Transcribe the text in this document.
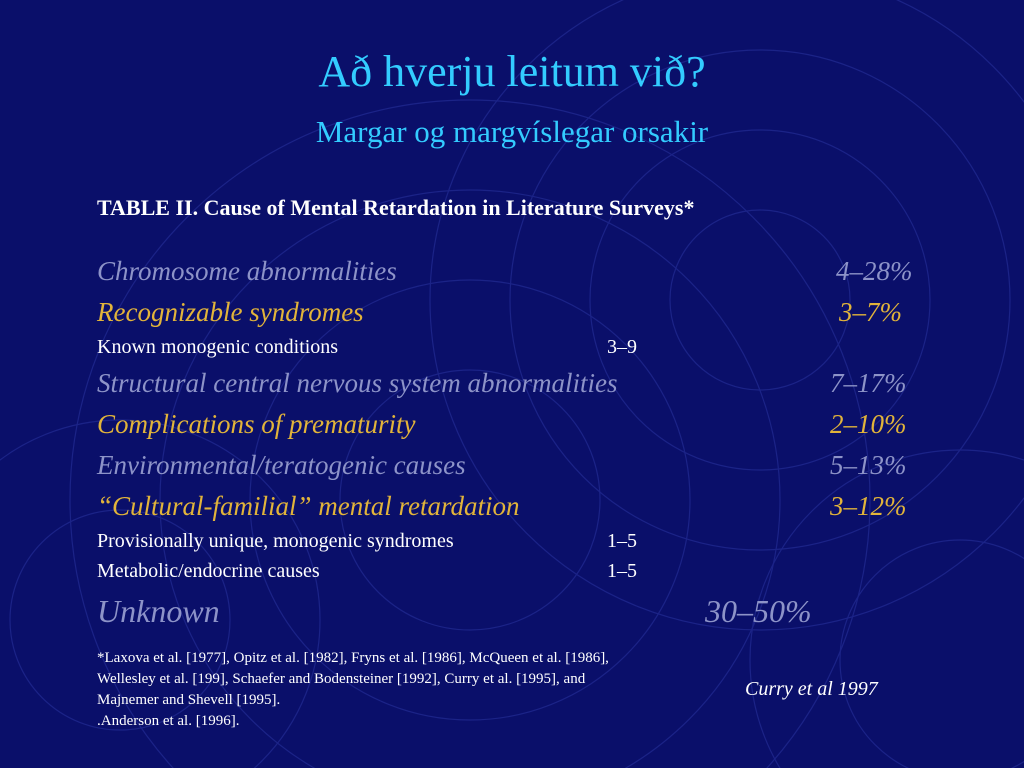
Að hverju leitum við?
Margar og margvíslegar orsakir
TABLE II. Cause of Mental Retardation in Literature Surveys*
Chromosome abnormalities	4–28%
Recognizable syndromes	3–7%
Known monogenic conditions	3–9
Structural central nervous system abnormalities	7–17%
Complications of prematurity	2–10%
Environmental/teratogenic causes	5–13%
“Cultural-familial” mental retardation	3–12%
Provisionally unique, monogenic syndromes	1–5
Metabolic/endocrine causes	1–5
Unknown	30–50%
*Laxova et al. [1977], Opitz et al. [1982], Fryns et al. [1986], McQueen et al. [1986], Wellesley et al. [199], Schaefer and Bodensteiner [1992], Curry et al. [1995], and Majnemer and Shevell [1995].
.Anderson et al. [1996].
Curry et al 1997
